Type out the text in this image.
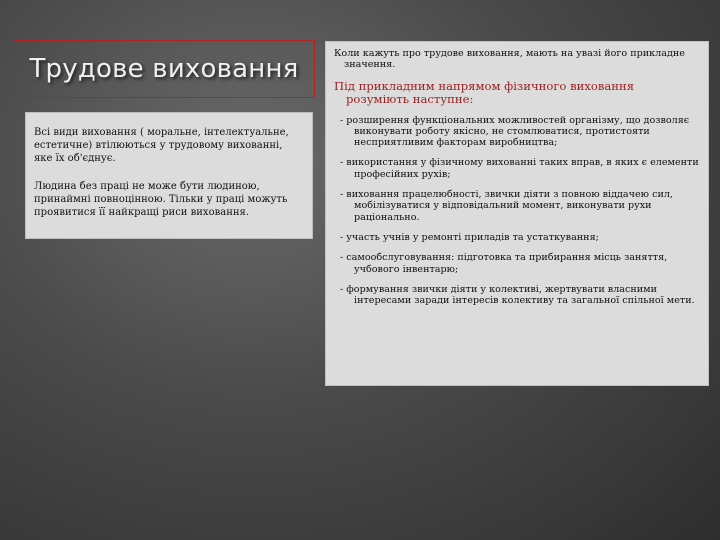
Трудове виховання

Всі види виховання ( моральне, інтелектуальне, естетичне) втілюються у трудовому вихованні, яке їх об'єднує.

Людина без праці не може бути людиною, принаймні повноцінною. Тільки у праці можуть проявитися її найкращі риси виховання.

Коли кажуть про трудове виховання, мають на увазі його прикладне значення.

Під прикладним напрямом фізичного виховання розуміють наступне:

- розширення функціональних можливостей організму, що дозволяє виконувати роботу якісно, не стомлюватися, протистояти несприятливим факторам виробництва;

- використання у фізичному вихованні таких вправ, в яких є елементи професійних рухів;

- виховання працелюбності, звички діяти з повною віддачею сил, мобілізуватися у відповідальний момент, виконувати рухи раціонально.

- участь учнів у ремонті приладів та устаткування;

- самообслуговування: підготовка та прибирання місць заняття, учбового інвентарю;

- формування звички діяти у колективі, жертвувати власними інтересами заради інтересів колективу та загальної спільної мети.
